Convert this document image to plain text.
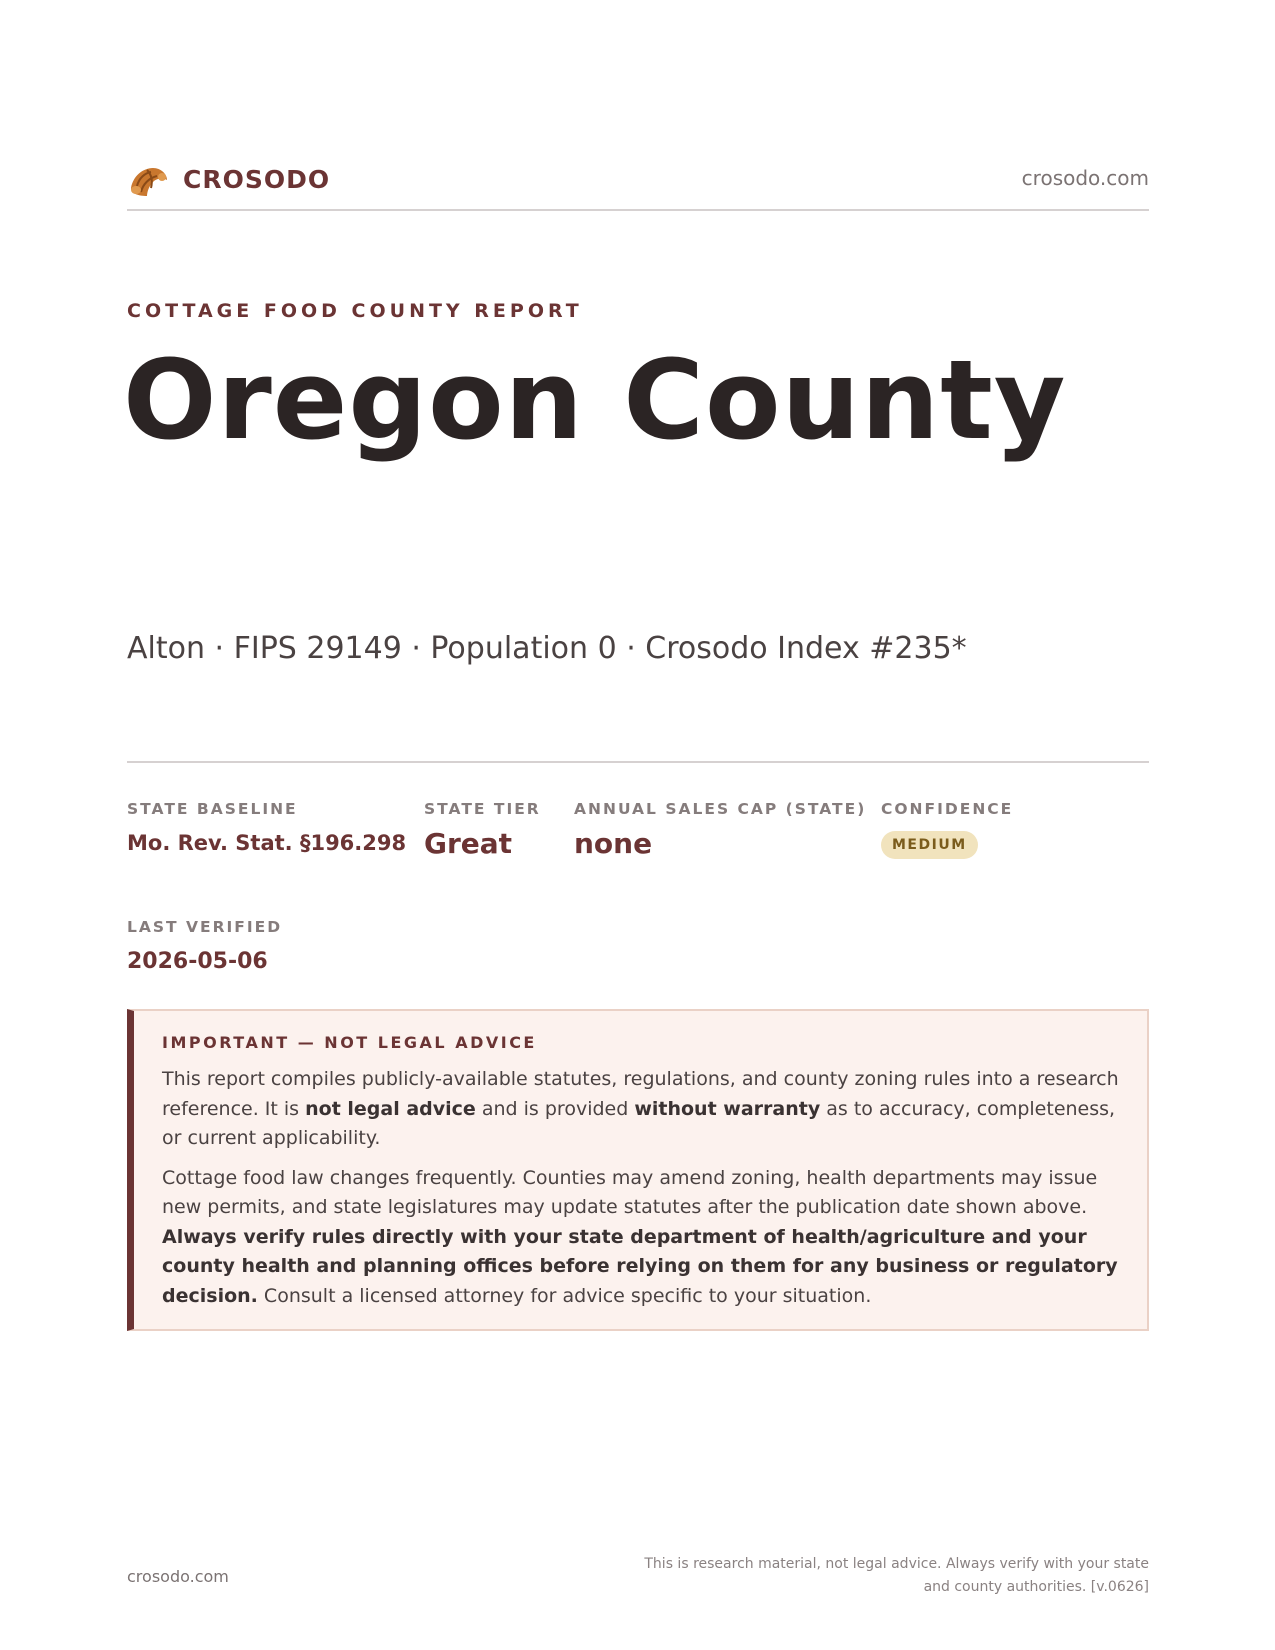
CROSODO	crosodo.com
COTTAGE FOOD COUNTY REPORT
Oregon County
Alton · FIPS 29149 · Population 0 · Crosodo Index #235*
STATE BASELINE
Mo. Rev. Stat. §196.298
STATE TIER
Great
ANNUAL SALES CAP (STATE)
none
CONFIDENCE
MEDIUM
LAST VERIFIED
2026-05-06
IMPORTANT — NOT LEGAL ADVICE

This report compiles publicly-available statutes, regulations, and county zoning rules into a research reference. It is not legal advice and is provided without warranty as to accuracy, completeness, or current applicability.

Cottage food law changes frequently. Counties may amend zoning, health departments may issue new permits, and state legislatures may update statutes after the publication date shown above. Always verify rules directly with your state department of health/agriculture and your county health and planning offices before relying on them for any business or regulatory decision. Consult a licensed attorney for advice specific to your situation.

crosodo.com
This is research material, not legal advice. Always verify with your state
and county authorities. [v.0626]
